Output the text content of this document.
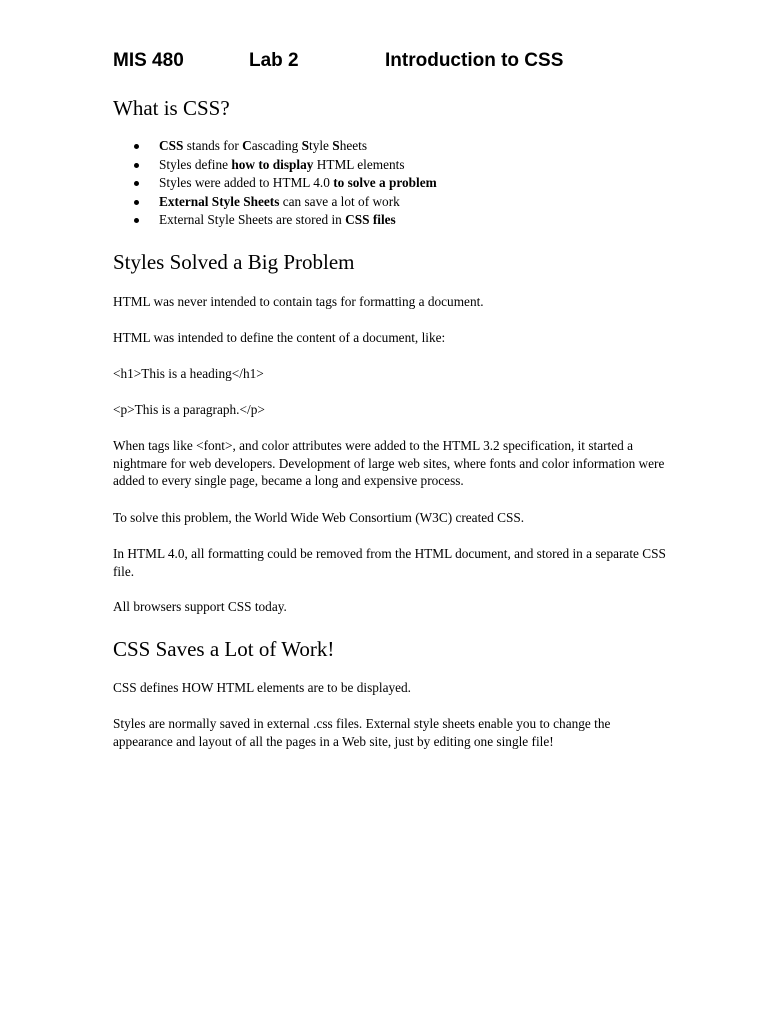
MIS 480	Lab 2	Introduction to CSS
What is CSS?
CSS stands for Cascading Style Sheets
Styles define how to display HTML elements
Styles were added to HTML 4.0 to solve a problem
External Style Sheets can save a lot of work
External Style Sheets are stored in CSS files
Styles Solved a Big Problem

HTML was never intended to contain tags for formatting a document.

HTML was intended to define the content of a document, like:

<h1>This is a heading</h1>

<p>This is a paragraph.</p>

When tags like <font>, and color attributes were added to the HTML 3.2 specification, it started a nightmare for web developers. Development of large web sites, where fonts and color information were added to every single page, became a long and expensive process.

To solve this problem, the World Wide Web Consortium (W3C) created CSS.

In HTML 4.0, all formatting could be removed from the HTML document, and stored in a separate CSS file.

All browsers support CSS today.

CSS Saves a Lot of Work!

CSS defines HOW HTML elements are to be displayed.

Styles are normally saved in external .css files. External style sheets enable you to change the appearance and layout of all the pages in a Web site, just by editing one single file!
